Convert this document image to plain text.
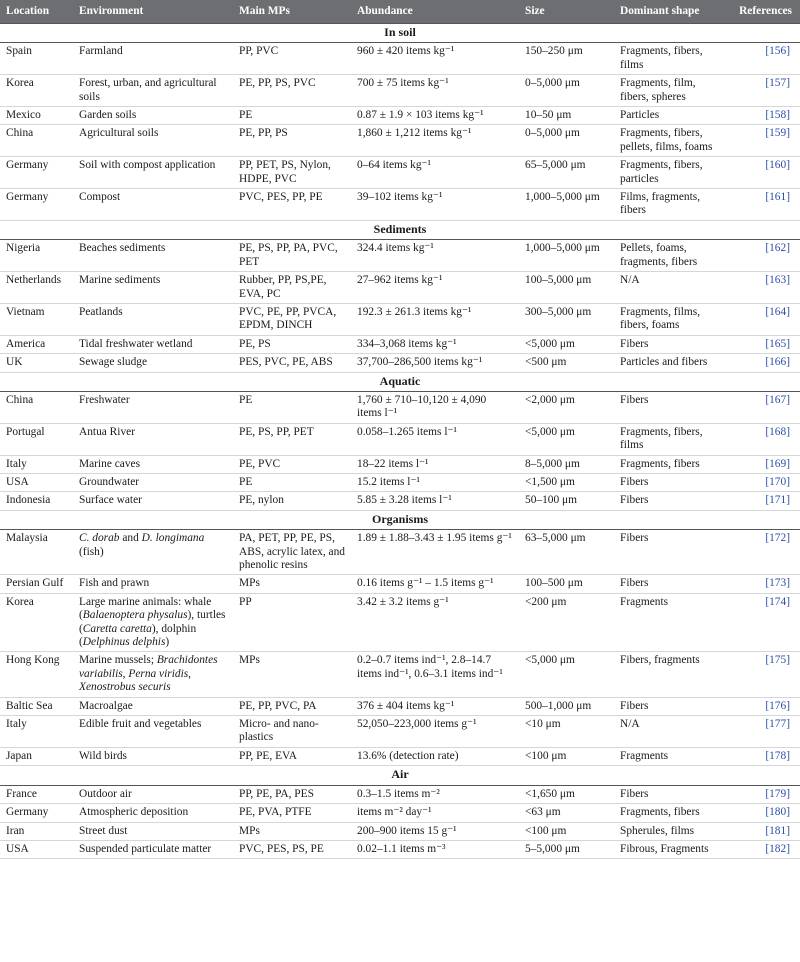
Location	Environment	Main MPs	Abundance	Size	Dominant shape	References
In soil						
Spain	Farmland	PP, PVC	960 ± 420 items kg⁻¹	150–250 μm	Fragments, fibers, films	[156]
Korea	Forest, urban, and agricultural soils	PE, PP, PS, PVC	700 ± 75 items kg⁻¹	0–5,000 μm	Fragments, film, fibers, spheres	[157]
Mexico	Garden soils	PE	0.87 ± 1.9 × 103 items kg⁻¹	10–50 μm	Particles	[158]
China	Agricultural soils	PE, PP, PS	1,860 ± 1,212 items kg⁻¹	0–5,000 μm	Fragments, fibers, pellets, films, foams	[159]
Germany	Soil with compost application	PP, PET, PS, Nylon, HDPE, PVC	0–64 items kg⁻¹	65–5,000 μm	Fragments, fibers, particles	[160]
Germany	Compost	PVC, PES, PP, PE	39–102 items kg⁻¹	1,000–5,000 μm	Films, fragments, fibers	[161]
Sediments						
Nigeria	Beaches sediments	PE, PS, PP, PA, PVC, PET	324.4 items kg⁻¹	1,000–5,000 μm	Pellets, foams, fragments, fibers	[162]
Netherlands	Marine sediments	Rubber, PP, PS,PE, EVA, PC	27–962 items kg⁻¹	100–5,000 μm	N/A	[163]
Vietnam	Peatlands	PVC, PE, PP, PVCA, EPDM, DINCH	192.3 ± 261.3 items kg⁻¹	300–5,000 μm	Fragments, films, fibers, foams	[164]
America	Tidal freshwater wetland	PE, PS	334–3,068 items kg⁻¹	<5,000 μm	Fibers	[165]
UK	Sewage sludge	PES, PVC, PE, ABS	37,700–286,500 items kg⁻¹	<500 μm	Particles and fibers	[166]
Aquatic						
China	Freshwater	PE	1,760 ± 710–10,120 ± 4,090 items l⁻¹	<2,000 μm	Fibers	[167]
Portugal	Antua River	PE, PS, PP, PET	0.058–1.265 items l⁻¹	<5,000 μm	Fragments, fibers, films	[168]
Italy	Marine caves	PE, PVC	18–22 items l⁻¹	8–5,000 μm	Fragments, fibers	[169]
USA	Groundwater	PE	15.2 items l⁻¹	<1,500 μm	Fibers	[170]
Indonesia	Surface water	PE, nylon	5.85 ± 3.28 items l⁻¹	50–100 μm	Fibers	[171]
Organisms						
Malaysia	C. dorab and D. longimana (fish)	PA, PET, PP, PE, PS, ABS, acrylic latex, and phenolic resins	1.89 ± 1.88–3.43 ± 1.95 items g⁻¹	63–5,000 μm	Fibers	[172]
Persian Gulf	Fish and prawn	MPs	0.16 items g⁻¹ – 1.5 items g⁻¹	100–500 μm	Fibers	[173]
Korea	Large marine animals: whale (Balaenoptera physalus), turtles (Caretta caretta), dolphin (Delphinus delphis)	PP	3.42 ± 3.2 items g⁻¹	<200 μm	Fragments	[174]
Hong Kong	Marine mussels; Brachidontes variabilis, Perna viridis, Xenostrobus securis	MPs	0.2–0.7 items ind⁻¹, 2.8–14.7 items ind⁻¹, 0.6–3.1 items ind⁻¹	<5,000 μm	Fibers, fragments	[175]
Baltic Sea	Macroalgae	PE, PP, PVC, PA	376 ± 404 items kg⁻¹	500–1,000 μm	Fibers	[176]
Italy	Edible fruit and vegetables	Micro- and nano-plastics	52,050–223,000 items g⁻¹	<10 μm	N/A	[177]
Japan	Wild birds	PP, PE, EVA	13.6% (detection rate)	<100 μm	Fragments	[178]
Air						
France	Outdoor air	PP, PE, PA, PES	0.3–1.5 items m⁻²	<1,650 μm	Fibers	[179]
Germany	Atmospheric deposition	PE, PVA, PTFE	items m⁻² day⁻¹	<63 μm	Fragments, fibers	[180]
Iran	Street dust	MPs	200–900 items 15 g⁻¹	<100 μm	Spherules, films	[181]
USA	Suspended particulate matter	PVC, PES, PS, PE	0.02–1.1 items m⁻³	5–5,000 μm	Fibrous, Fragments	[182]
